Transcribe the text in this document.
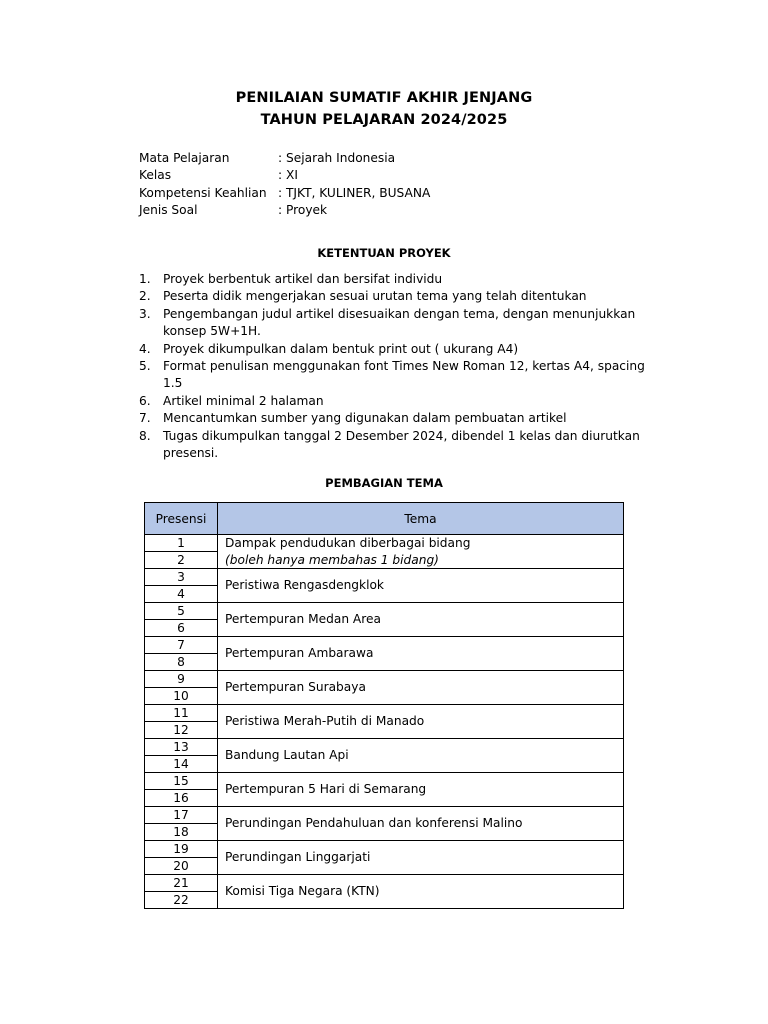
PENILAIAN SUMATIF AKHIR JENJANG
TAHUN PELAJARAN 2024/2025
Mata Pelajaran	: Sejarah Indonesia
Kelas	: XI
Kompetensi Keahlian : TJKT, KULINER, BUSANA
Jenis Soal	: Proyek
KETENTUAN PROYEK
1. Proyek berbentuk artikel dan bersifat individu
2. Peserta didik mengerjakan sesuai urutan tema yang telah ditentukan
3. Pengembangan judul artikel disesuaikan dengan tema, dengan menunjukkan konsep 5W+1H.
4. Proyek dikumpulkan dalam bentuk print out ( ukurang A4)
5. Format penulisan menggunakan font Times New Roman 12, kertas A4, spacing 1.5
6. Artikel minimal 2 halaman
7. Mencantumkan sumber yang digunakan dalam pembuatan artikel
8. Tugas dikumpulkan tanggal 2 Desember 2024, dibendel 1 kelas dan diurutkan presensi.
PEMBAGIAN TEMA
Presensi	Tema
1	Dampak pendudukan diberbagai bidang
(boleh hanya membahas 1 bidang)

2	
3	Peristiwa Rengasdengklok
4	
5	Pertempuran Medan Area
6	
7	Pertempuran Ambarawa
8	
9	Pertempuran Surabaya
10	
11	Peristiwa Merah-Putih di Manado
12	
13	Bandung Lautan Api
14	
15	Pertempuran 5 Hari di Semarang
16	
17	Perundingan Pendahuluan dan konferensi Malino
18	
19	Perundingan Linggarjati
20	
21	Komisi Tiga Negara (KTN)
22	
